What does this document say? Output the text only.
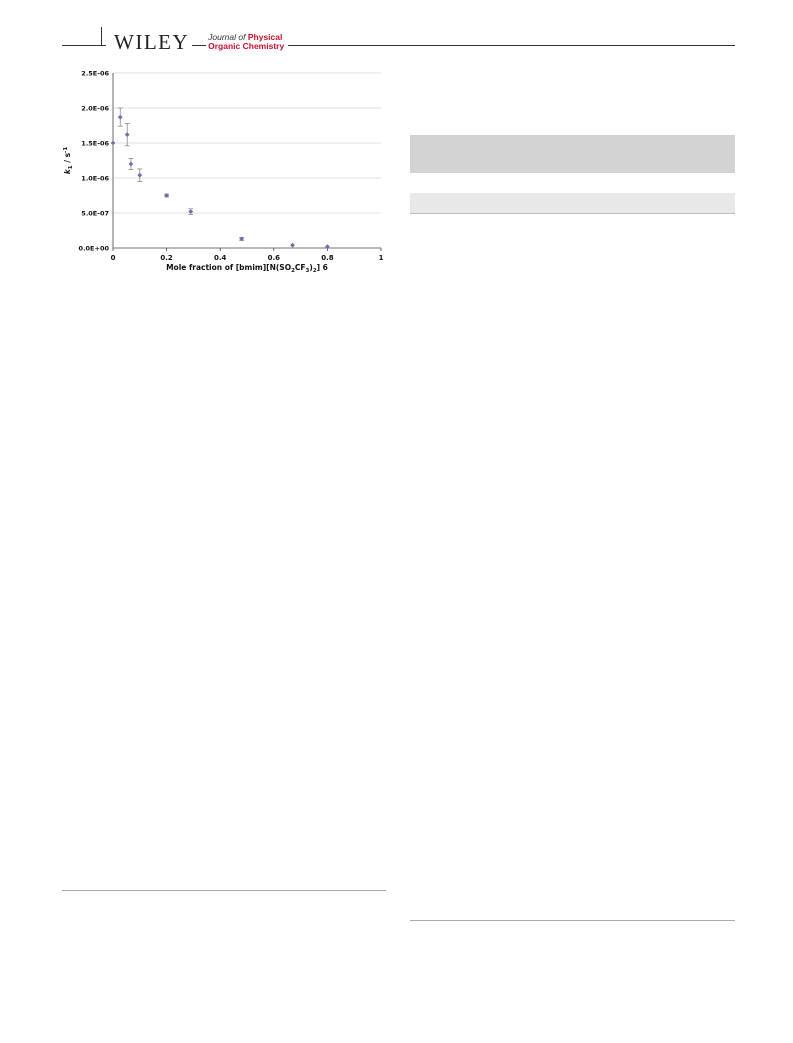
WILEY Journal of Physical
Organic Chemistry
0.0E+00
5.0E-07
1.0E-06
1.5E-06
2.0E-06
2.5E-06
0	0.2	0.4	0.6	0.8	1
Mole fraction of $[bmim][N(SO_2CF_3)_2]$ 6
$k_1 / s^{-1}$
